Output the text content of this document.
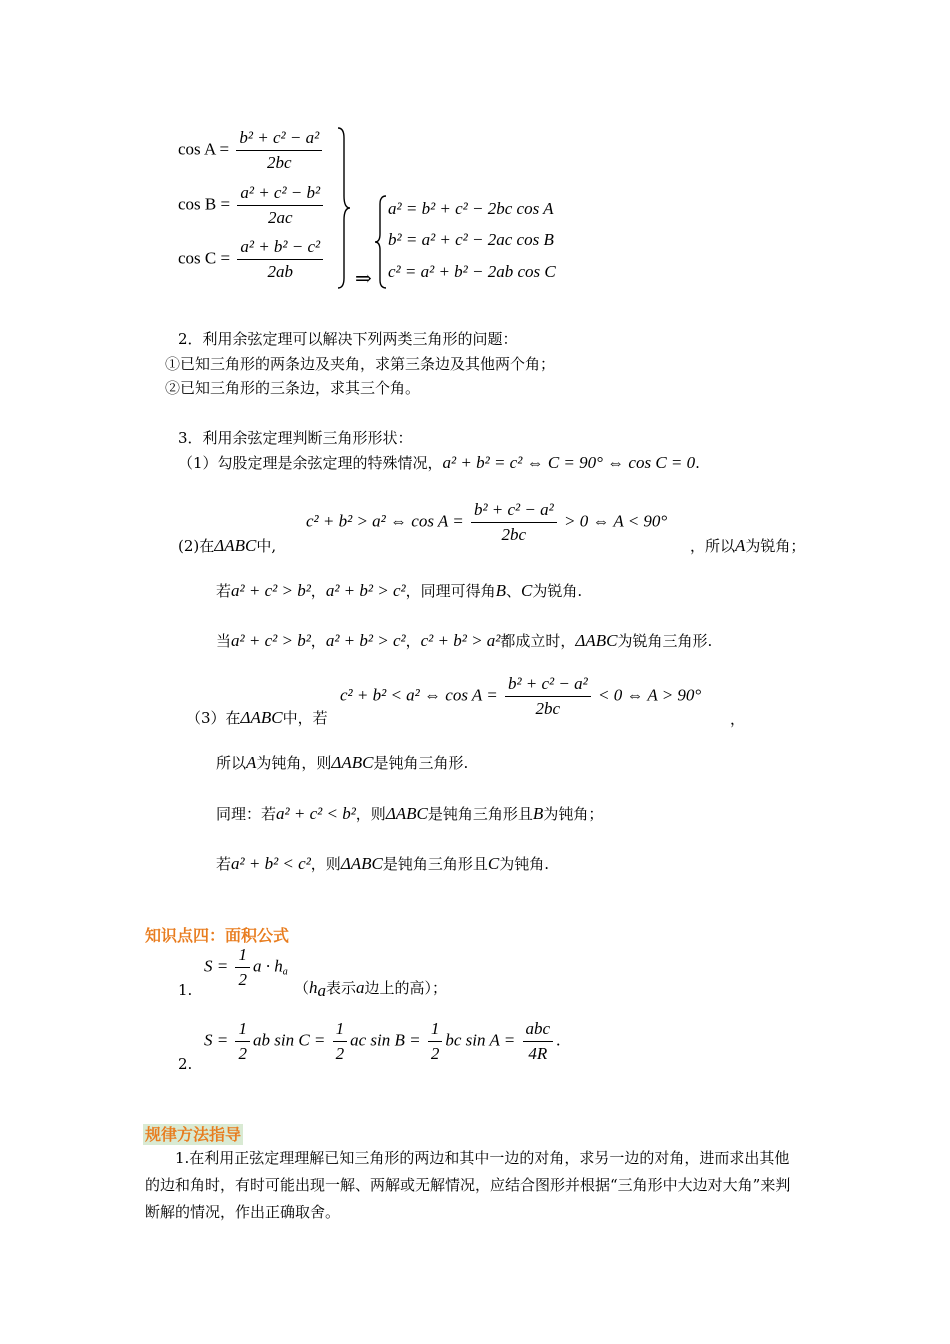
$\cos A = \frac{\text{b² + c² − a²}}{2bc}$
$\cos B = \frac{\text{a² + c² − b²}}{2ac}$
$\cos C = \frac{\text{a² + b² − c²}}{2ab}$ ⇒
a² = b² + c² − 2bc cos A
b² = a² + c² − 2ac cos B
c² = a² + b² − 2ab cos C
2．利用余弦定理可以解决下列两类三角形的问题：
①已知三角形的两条边及夹角，求第三条边及其他两个角；
②已知三角形的三条边，求其三个角。
3．利用余弦定理判断三角形形状：
（1）勾股定理是余弦定理的特殊情况，a² + b² = c² ⇔ C = 90° ⇔ cos C = 0.
(2)在ΔABC中,
c² + b² > a² ⇔ $\cos A = \frac{\text{b² + c² − a²}}{2bc} > 0$ ⇔ A < 90°
，所以A为锐角；
若a² + c² > b²，a² + b² > c²，同理可得角B、C为锐角.
当a² + c² > b²，a² + b² > c²，c² + b² > a²都成立时，ΔABC为锐角三角形.
（3）在ΔABC中，若
c² + b² < a² ⇔ $\cos A = \frac{\text{b² + c² − a²}}{2bc} < 0$ ⇔ A > 90°
，
所以A为钝角，则ΔABC是钝角三角形.
同理：若a² + c² < b²，则ΔABC是钝角三角形且B为钝角；
若a² + b² < c²，则ΔABC是钝角三角形且C为钝角.
知识点四：面积公式
1.
$S = \frac{1}{2}$ $a \cdot h_a$
（$h_a$表示a边上的高）；
2.
$S = \frac{1}{2}$ ab $\sin C = \frac{1}{2}$ ac $\sin B = \frac{1}{2}$ bc $\sin A = \frac{\text{abc}}{4R}$ .
规律方法指导
1.在利用正弦定理理解已知三角形的两边和其中一边的对角，求另一边的对角，进而求出其他的边和角时，有时可能出现一解、两解或无解情况，应结合图形并根据“三角形中大边对大角”来判断解的情况，作出正确取舍。
